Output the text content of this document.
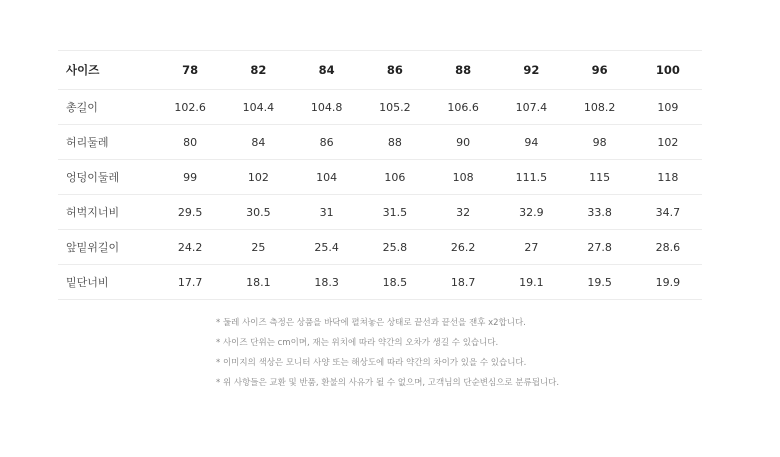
사이즈	78	82	84	86	88	92	96	100
총길이	102.6	104.4	104.8	105.2	106.6	107.4	108.2	109
허리둘레	80	84	86	88	90	94	98	102
엉덩이둘레	99	102	104	106	108	111.5	115	118
허벅지너비	29.5	30.5	31	31.5	32	32.9	33.8	34.7
앞밑위길이	24.2	25	25.4	25.8	26.2	27	27.8	28.6
밑단너비	17.7	18.1	18.3	18.5	18.7	19.1	19.5	19.9
* 둘레 사이즈 측정은 상품을 바닥에 펼쳐놓은 상태로 끝선과 끝선을 잰후 x2합니다.
* 사이즈 단위는 cm이며, 재는 위치에 따라 약간의 오차가 생길 수 있습니다.
* 이미지의 색상은 모니터 사양 또는 해상도에 따라 약간의 차이가 있을 수 있습니다.
* 위 사항들은 교환 및 반품, 환불의 사유가 될 수 없으며, 고객님의 단순변심으로 분류됩니다.
